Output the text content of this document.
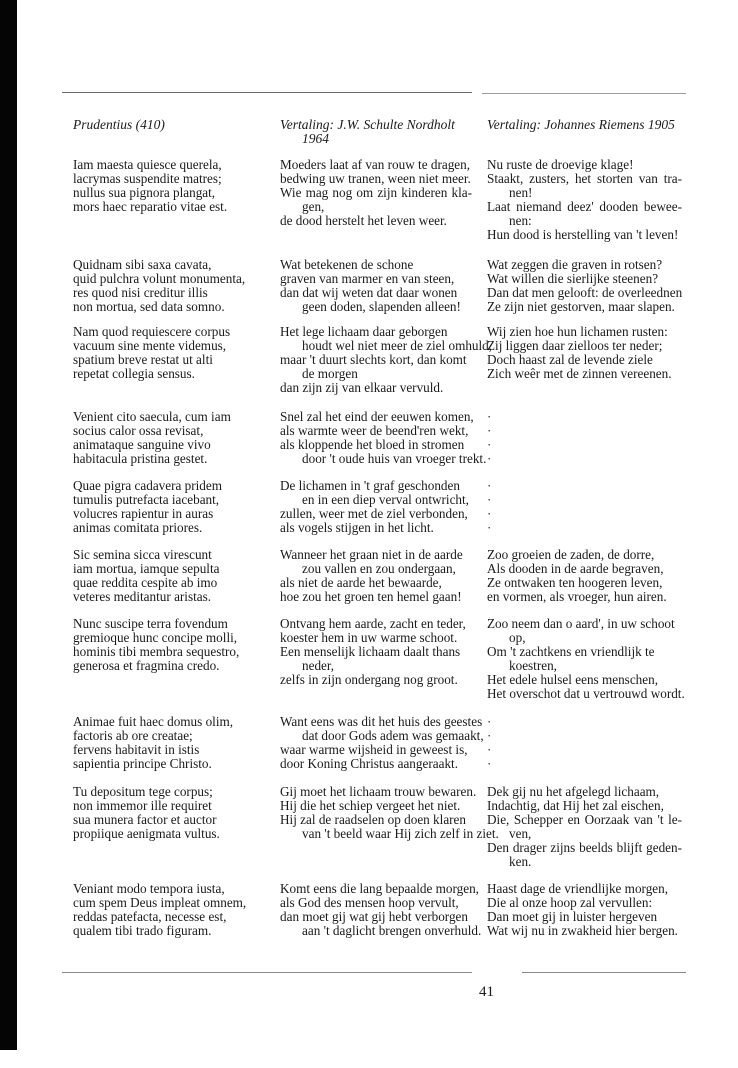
Prudentius (410)	Vertaling: J.W. Schulte Nordholt
1964
Vertaling: Johannes Riemens 1905
Iam maesta quiesce querela,
lacrymas suspendite matres;
nullus sua pignora plangat,
mors haec reparatio vitae est.
Moeders laat af van rouw te dragen,
bedwing uw tranen, ween niet meer.
Wie mag nog om zijn kinderen kla-
gen,
de dood herstelt het leven weer.
Nu ruste de droevige klage!
Staakt, zusters, het storten van tra-
nen!
Laat niemand deez' dooden bewee-
nen:
Hun dood is herstelling van 't leven!
Quidnam sibi saxa cavata,
quid pulchra volunt monumenta,
res quod nisi creditur illis
non mortua, sed data somno.
Wat betekenen de schone
graven van marmer en van steen,
dan dat wij weten dat daar wonen
geen doden, slapenden alleen!
Wat zeggen die graven in rotsen?
Wat willen die sierlijke steenen?
Dan dat men gelooft: de overleednen
Ze zijn niet gestorven, maar slapen.
Nam quod requiescere corpus
vacuum sine mente videmus,
spatium breve restat ut alti
repetat collegia sensus.
Het lege lichaam daar geborgen
houdt wel niet meer de ziel omhuld,
maar 't duurt slechts kort, dan komt
de morgen
dan zijn zij van elkaar vervuld.
Wij zien hoe hun lichamen rusten:
Zij liggen daar zielloos ter neder;
Doch haast zal de levende ziele
Zich weêr met de zinnen vereenen.
Venient cito saecula, cum iam
socius calor ossa revisat,
animataque sanguine vivo
habitacula pristina gestet.
Snel zal het eind der eeuwen komen,
als warmte weer de beend'ren wekt,
als kloppende het bloed in stromen
door 't oude huis van vroeger trekt.
Quae pigra cadavera pridem
tumulis putrefacta iacebant,
volucres rapientur in auras
animas comitata priores.
De lichamen in 't graf geschonden
en in een diep verval ontwricht,
zullen, weer met de ziel verbonden,
als vogels stijgen in het licht.
Sic semina sicca virescunt
iam mortua, iamque sepulta
quae reddita cespite ab imo
veteres meditantur aristas.
Wanneer het graan niet in de aarde
zou vallen en zou ondergaan,
als niet de aarde het bewaarde,
hoe zou het groen ten hemel gaan!
Zoo groeien de zaden, de dorre,
Als dooden in de aarde begraven,
Ze ontwaken ten hoogeren leven,
en vormen, als vroeger, hun airen.
Nunc suscipe terra fovendum
gremioque hunc concipe molli,
hominis tibi membra sequestro,
generosa et fragmina credo.
Ontvang hem aarde, zacht en teder,
koester hem in uw warme schoot.
Een menselijk lichaam daalt thans
neder,
zelfs in zijn ondergang nog groot.
Zoo neem dan o aard', in uw schoot
op,
Om 't zachtkens en vriendlijk te
koestren,
Het edele hulsel eens menschen,
Het overschot dat u vertrouwd wordt.
Animae fuit haec domus olim,
factoris ab ore creatae;
fervens habitavit in istis
sapientia principe Christo.
Want eens was dit het huis des geestes
dat door Gods adem was gemaakt,
waar warme wijsheid in geweest is,
door Koning Christus aangeraakt.
Tu depositum tege corpus;
non immemor ille requiret
sua munera factor et auctor
propiique aenigmata vultus.
Gij moet het lichaam trouw bewaren.
Hij die het schiep vergeet het niet.
Hij zal de raadselen op doen klaren
van 't beeld waar Hij zich zelf in ziet.
Dek gij nu het afgelegd lichaam,
Indachtig, dat Hij het zal eischen,
Die, Schepper en Oorzaak van 't le-
ven,
Den drager zijns beelds blijft geden-
ken.
Veniant modo tempora iusta,
cum spem Deus impleat omnem,
reddas patefacta, necesse est,
qualem tibi trado figuram.
Komt eens die lang bepaalde morgen,
als God des mensen hoop vervult,
dan moet gij wat gij hebt verborgen
aan 't daglicht brengen onverhuld.
Haast dage de vriendlijke morgen,
Die al onze hoop zal vervullen:
Dan moet gij in luister hergeven
Wat wij nu in zwakheid hier bergen.
·
·
·
·
·
·
·
·
·
·
·
·
41
